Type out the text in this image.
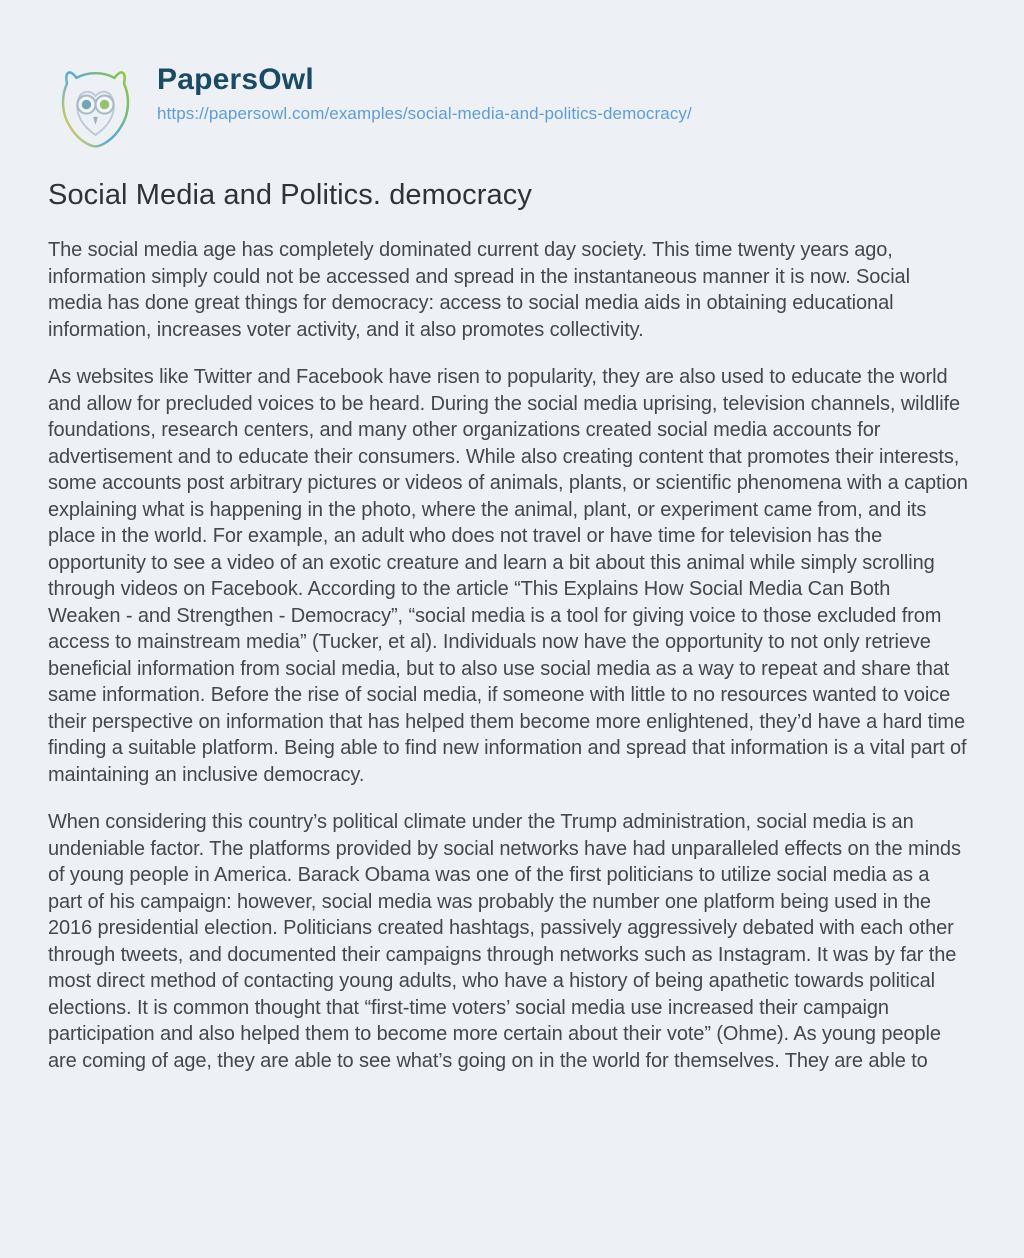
PapersOwl
https://papersowl.com/examples/social-media-and-politics-democracy/
Social Media and Politics. democracy

The social media age has completely dominated current day society. This time twenty years ago, information simply could not be accessed and spread in the instantaneous manner it is now. Social media has done great things for democracy: access to social media aids in obtaining educational information, increases voter activity, and it also promotes collectivity.

As websites like Twitter and Facebook have risen to popularity, they are also used to educate the world and allow for precluded voices to be heard. During the social media uprising, television channels, wildlife foundations, research centers, and many other organizations created social media accounts for advertisement and to educate their consumers. While also creating content that promotes their interests, some accounts post arbitrary pictures or videos of animals, plants, or scientific phenomena with a caption explaining what is happening in the photo, where the animal, plant, or experiment came from, and its place in the world. For example, an adult who does not travel or have time for television has the opportunity to see a video of an exotic creature and learn a bit about this animal while simply scrolling through videos on Facebook. According to the article “This Explains How Social Media Can Both Weaken - and Strengthen - Democracy”, “social media is a tool for giving voice to those excluded from access to mainstream media” (Tucker, et al). Individuals now have the opportunity to not only retrieve beneficial information from social media, but to also use social media as a way to repeat and share that same information. Before the rise of social media, if someone with little to no resources wanted to voice their perspective on information that has helped them become more enlightened, they’d have a hard time finding a suitable platform. Being able to find new information and spread that information is a vital part of maintaining an inclusive democracy.

When considering this country’s political climate under the Trump administration, social media is an undeniable factor. The platforms provided by social networks have had unparalleled effects on the minds of young people in America. Barack Obama was one of the first politicians to utilize social media as a part of his campaign: however, social media was probably the number one platform being used in the 2016 presidential election. Politicians created hashtags, passively aggressively debated with each other through tweets, and documented their campaigns through networks such as Instagram. It was by far the most direct method of contacting young adults, who have a history of being apathetic towards political elections. It is common thought that “first-time voters’ social media use increased their campaign participation and also helped them to become more certain about their vote” (Ohme). As young people are coming of age, they are able to see what’s going on in the world for themselves. They are able to
